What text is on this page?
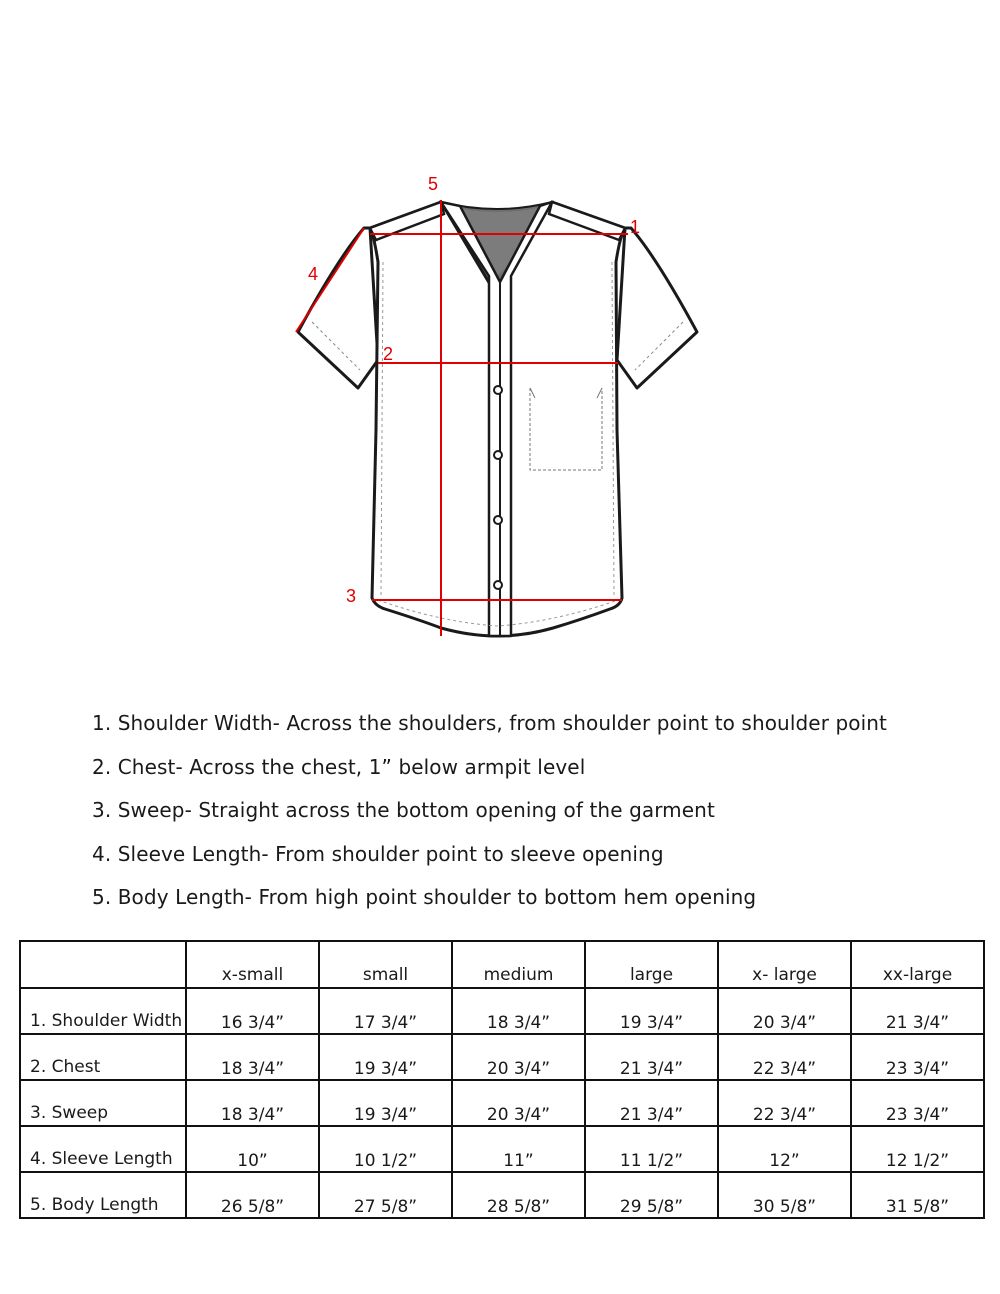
1
2
3
4
5
1. Shoulder Width- Across the shoulders, from shoulder point to shoulder point
2. Chest- Across the chest, 1” below armpit level
3. Sweep- Straight across the bottom opening of the garment
4. Sleeve Length- From shoulder point to sleeve opening
5. Body Length- From high point shoulder to bottom hem opening
	x-small	small	medium	large	x- large	xx-large
1. Shoulder Width	16 3/4”	17 3/4”	18 3/4”	19 3/4”	20 3/4”	21 3/4”
2. Chest	18 3/4”	19 3/4”	20 3/4”	21 3/4”	22 3/4”	23 3/4”
3. Sweep	18 3/4”	19 3/4”	20 3/4”	21 3/4”	22 3/4”	23 3/4”
4. Sleeve Length	10”	10 1/2”	11”	11 1/2”	12”	12 1/2”
5. Body Length	26 5/8”	27 5/8”	28 5/8”	29 5/8”	30 5/8”	31 5/8”
